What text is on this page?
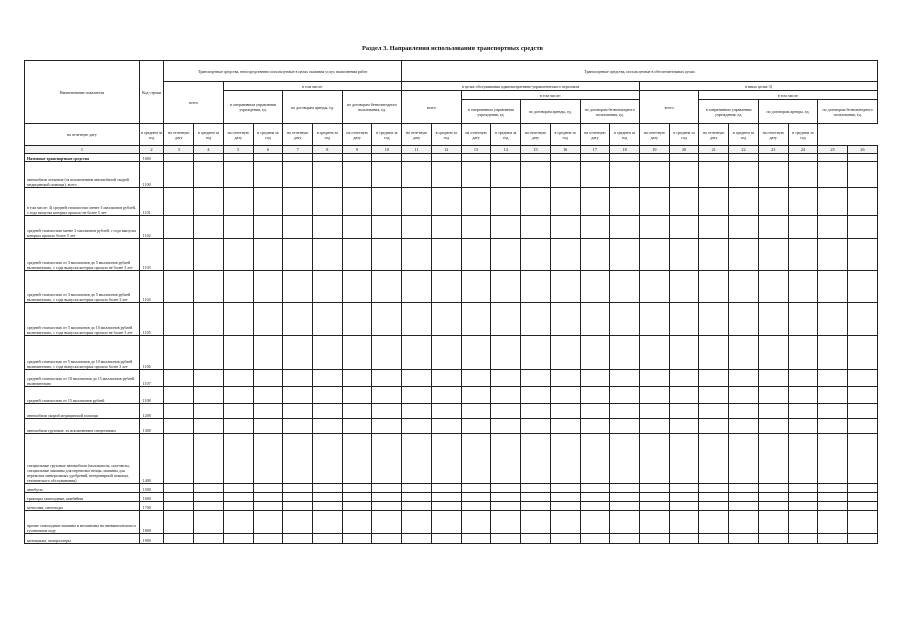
Раздел 3. Направления использования транспортных средств
Наименование показателя	Код строки	Транспортные средства, непосредственно используемые в целях оказания услуг, выполнения работ								Транспортные средства, используемые в обеспечительных целях															
		всего		в том числе:						в целях обслуживания административно-управленческого персонала								в иных целях 3)							
				в оперативном управлении учреждения, ед.		по договорам аренды, ед.		по договорам безвозмездного пользования, ед.		всего		в том числе:						всего		в том числе:					
												в оперативном управлении учреждения, ед.		по договорам аренды, ед.		по договорам безвозмездного пользования, ед.				в оперативном управлении учреждения, ед.		по договорам аренды, ед.		по договорам безвозмездного пользования, ед.	
на отчетную дату	в среднем за год	на отчетную дату	в среднем за год	на отчетную дату	в среднем за год	на отчетную дату	в среднем за год	на отчетную дату	в среднем за год	на отчетную дату	в среднем за год	на отчетную дату	в среднем за год	на отчетную дату	в среднем за год	на отчетную дату	в среднем за год	на отчетную дату	в среднем за год	на отчетную дату	в среднем за год	на отчетную дату	в среднем за год		
1	2	3	4	5	6	7	8	9	10	11	12	13	14	15	16	17	18	19	20	21	22	23	24	25	26
Наземные транспортные средства	1000																								
автомобили легковые (за исключением автомобилей скорой медицинской помощи), всего	1100																								
в том числе: 4) средней стоимостью менее 3 миллионов рублей, с года выпуска которых прошло не более 5 лет	1101																								
средней стоимостью менее 3 миллионов рублей, с года выпуска которых прошло более 5 лет	1102																								
средней стоимостью от 3 миллионов до 5 миллионов рублей включительно, с года выпуска которых прошло не более 3 лет	1103																								
средней стоимостью от 3 миллионов до 5 миллионов рублей включительно, с года выпуска которых прошло более 3 лет	1104																								
средней стоимостью от 5 миллионов до 10 миллионов рублей включительно, с года выпуска которых прошло не более 3 лет	1105																								
средней стоимостью от 5 миллионов до 10 миллионов рублей включительно, с года выпуска которых прошло более 3 лет	1106																								
средней стоимостью от 10 миллионов до 15 миллионов рублей включительно	1107																								
средней стоимостью от 15 миллионов рублей	1108																								
автомобили скорой медицинской помощи	1200																								
автомобили грузовые, за исключением спецтехники	1300																								
специальные грузовые автомобили (молоковозы, скотовозы, специальные машины для перевозки птицы, машины для перевозки минеральных удобрений, ветеринарной помощи, технического обслуживания)	1400																								
автобусы	1500																								
тракторы самоходные, комбайны	1600																								
мотосани, снегоходы	1700																								
прочие самоходные машины и механизмы на пневматическом и гусеничном ходу	1800																								
мотоциклы, мотороллеры	1900																								
